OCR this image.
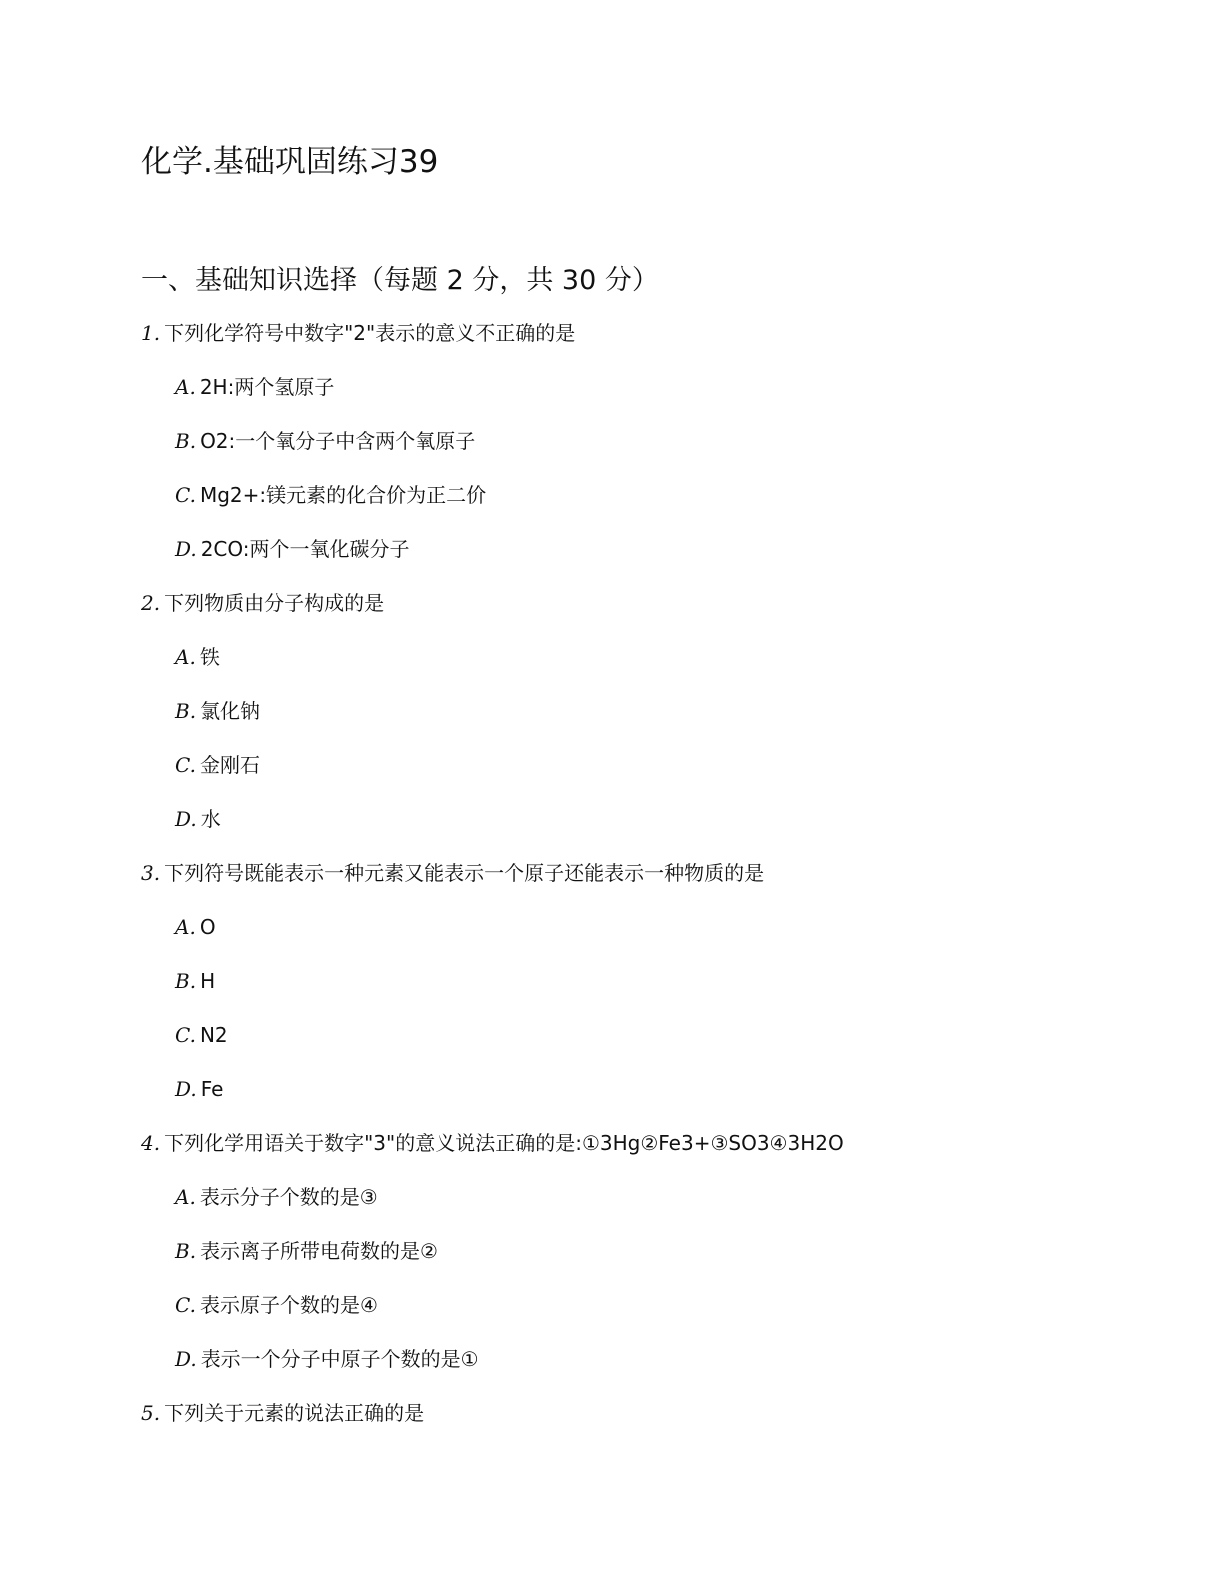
化学.基础巩固练习39
一、基础知识选择（每题 2 分，共 30 分）
1. 下列化学符号中数字"2"表示的意义不正确的是
A. 2H:两个氢原子
B. O2:一个氧分子中含两个氧原子
C. Mg2+:镁元素的化合价为正二价
D. 2CO:两个一氧化碳分子
2. 下列物质由分子构成的是
A. 铁
B. 氯化钠
C. 金刚石
D. 水
3. 下列符号既能表示一种元素又能表示一个原子还能表示一种物质的是
A. O
B. H
C. N2
D. Fe
4. 下列化学用语关于数字"3"的意义说法正确的是:①3Hg②Fe3+③SO3④3H2O
A. 表示分子个数的是③
B. 表示离子所带电荷数的是②
C. 表示原子个数的是④
D. 表示一个分子中原子个数的是①
5. 下列关于元素的说法正确的是
